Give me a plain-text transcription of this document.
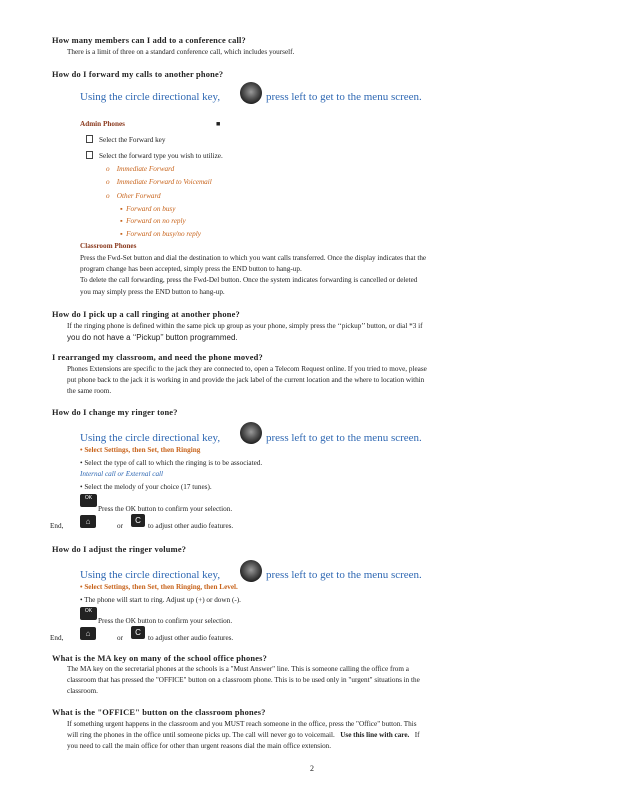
How many members can I add to a conference call?
There is a limit of three on a standard conference call, which includes yourself.
How do I forward my calls to another phone?
Using the circle directional key,	press left to get to the menu screen.
Admin Phones	■
Select the Forward key
Select the forward type you wish to utilize.
o    Immediate Forward
o    Immediate Forward to Voicemail
o    Other Forward
▪  Forward on busy
▪  Forward on no reply
▪  Forward on busy/no reply
Classroom Phones
Press the Fwd-Set button and dial the destination to which you want calls transferred. Once the display indicates that the
program change has been accepted, simply press the END button to hang-up.
To delete the call forwarding, press the Fwd-Del button. Once the system indicates forwarding is cancelled or deleted
you may simply press the END button to hang-up.
How do I pick up a call ringing at another phone?
If the ringing phone is defined within the same pick up group as your phone, simply press the ‘‘pickup’’ button, or dial *3 if
you do not have a ‘‘Pickup’’ button programmed.
I rearranged my classroom, and need the phone moved?
Phones Extensions are specific to the jack they are connected to, open a Telecom Request online. If you tried to move, please
put phone back to the jack it is working in and provide the jack label of the current location and the where to location within
the same room.
How do I change my ringer tone?
Using the circle directional key,	press left to get to the menu screen.
• Select Settings, then Set, then Ringing
• Select the type of call to which the ringing is to be associated.
Internal call or External call
• Select the melody of your choice (17 tunes).
OK
Press the OK button to confirm your selection.
End,	⌂	or
C
to adjust other audio features.
How do I adjust the ringer volume?
Using the circle directional key,	press left to get to the menu screen.
• Select Settings, then Set, then Ringing, then Level.
• The phone will start to ring. Adjust up (+) or down (-).
OK
Press the OK button to confirm your selection.
End,	⌂	or
C
to adjust other audio features.
What is the MA key on many of the school office phones?
The MA key on the secretarial phones at the schools is a "Must Answer" line. This is someone calling the office from a
classroom that has pressed the "OFFICE" button on a classroom phone. This is to be used only in "urgent" situations in the
classroom.
What is the "OFFICE" button on the classroom phones?
If something urgent happens in the classroom and you MUST reach someone in the office, press the "Office" button. This
will ring the phones in the office until someone picks up. The call will never go to voicemail. Use this line with care. If
you need to call the main office for other than urgent reasons dial the main office extension.
2
